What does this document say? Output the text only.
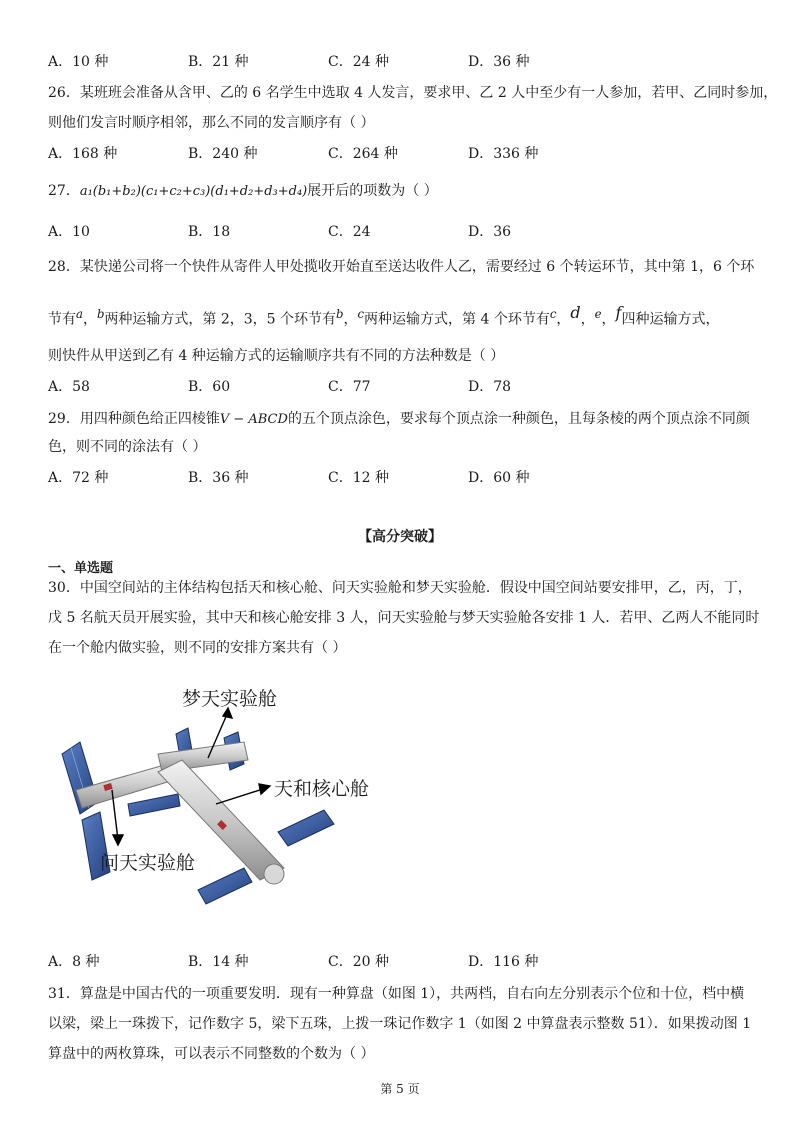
A．10 种	B．21 种	C．24 种	D．36 种
26．某班班会准备从含甲、乙的 6 名学生中选取 4 人发言，要求甲、乙 2 人中至少有一人参加，若甲、乙同时参加，
则他们发言时顺序相邻，那么不同的发言顺序有（ ）
A．168 种	B．240 种	C．264 种	D．336 种
27．a₁(b₁+b₂)(c₁+c₂+c₃)(d₁+d₂+d₃+d₄)展开后的项数为（ ）
A．10	B．18	C．24	D．36
28．某快递公司将一个快件从寄件人甲处揽收开始直至送达收件人乙，需要经过 6 个转运环节，其中第 1，6 个环
节有$^a$，$^b$两种运输方式，第 2，3，5 个环节有$^b$，$^c$两种运输方式，第 4 个环节有$^c$，$^d$，$^e$，$^f$四种运输方式，
则快件从甲送到乙有 4 种运输方式的运输顺序共有不同的方法种数是（ ）
A．58	B．60	C．77	D．78
29．用四种颜色给正四棱锥V − ABCD的五个顶点涂色，要求每个顶点涂一种颜色，且每条棱的两个顶点涂不同颜
色，则不同的涂法有（ ）
A．72 种	B．36 种	C．12 种	D．60 种
【高分突破】
一、单选题
30．中国空间站的主体结构包括天和核心舱、问天实验舱和梦天实验舱．假设中国空间站要安排甲，乙，丙，丁，
戊 5 名航天员开展实验，其中天和核心舱安排 3 人，问天实验舱与梦天实验舱各安排 1 人．若甲、乙两人不能同时
在一个舱内做实验，则不同的安排方案共有（ ）
梦天实验舱
天和核心舱
问天实验舱
A．8 种	B．14 种	C．20 种	D．116 种
31．算盘是中国古代的一项重要发明．现有一种算盘（如图 1），共两档，自右向左分别表示个位和十位，档中横
以梁，梁上一珠拨下，记作数字 5，梁下五珠，上拨一珠记作数字 1（如图 2 中算盘表示整数 51）．如果拨动图 1
算盘中的两枚算珠，可以表示不同整数的个数为（ ）
第 5 页
